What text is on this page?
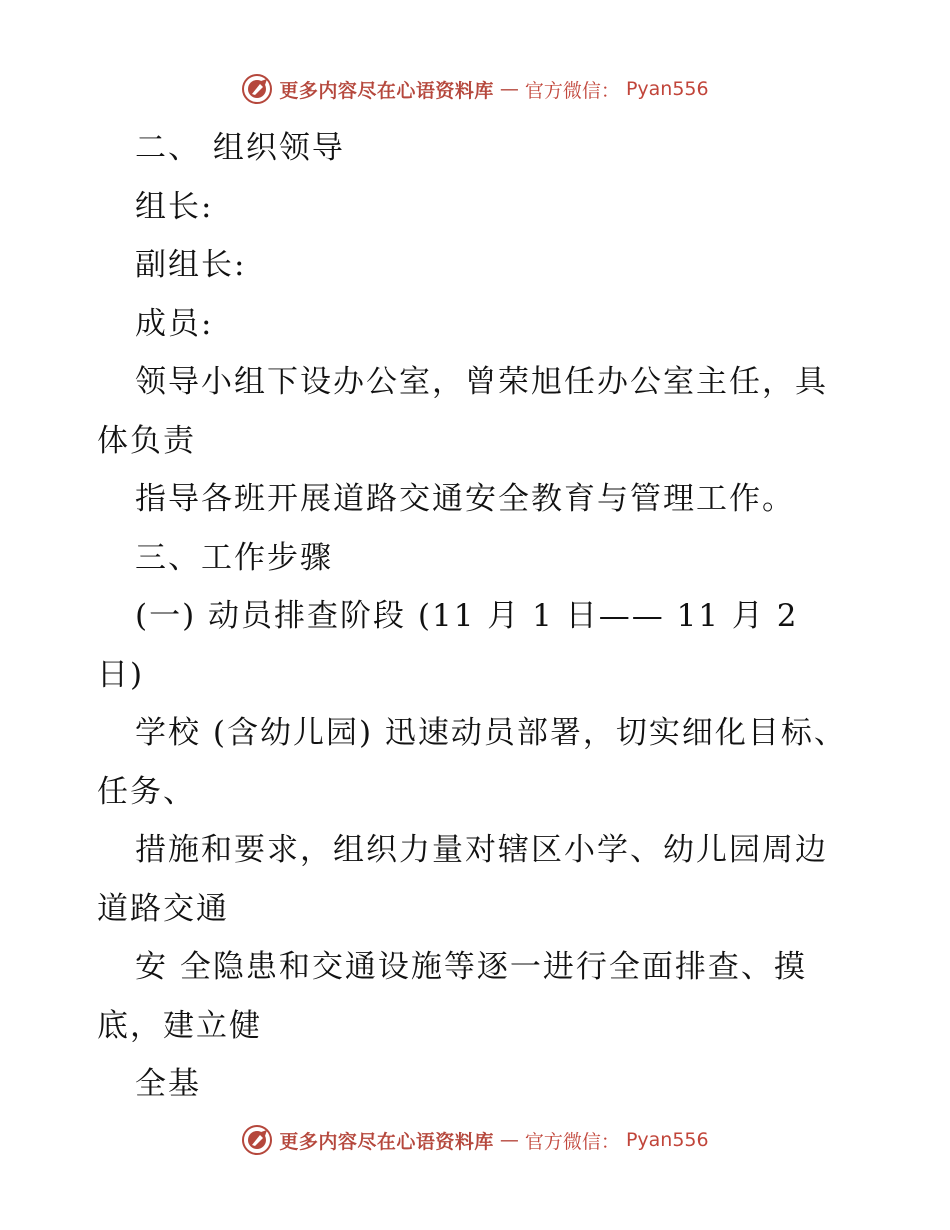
更多内容尽在心语资料库 — 官方微信： Pyan556
二、 组织领导
组长:
副组长:
成员:
领导小组下设办公室，曾荣旭任办公室主任，具
体负责
指导各班开展道路交通安全教育与管理工作。
三、工作步骤
(一) 动员排查阶段 (11 月 1 日—— 11 月 2
日)
学校 (含幼儿园) 迅速动员部署，切实细化目标、
任务、
措施和要求，组织力量对辖区小学、幼儿园周边
道路交通
安 全隐患和交通设施等逐一进行全面排查、摸
底，建立健
全基
更多内容尽在心语资料库 — 官方微信： Pyan556
